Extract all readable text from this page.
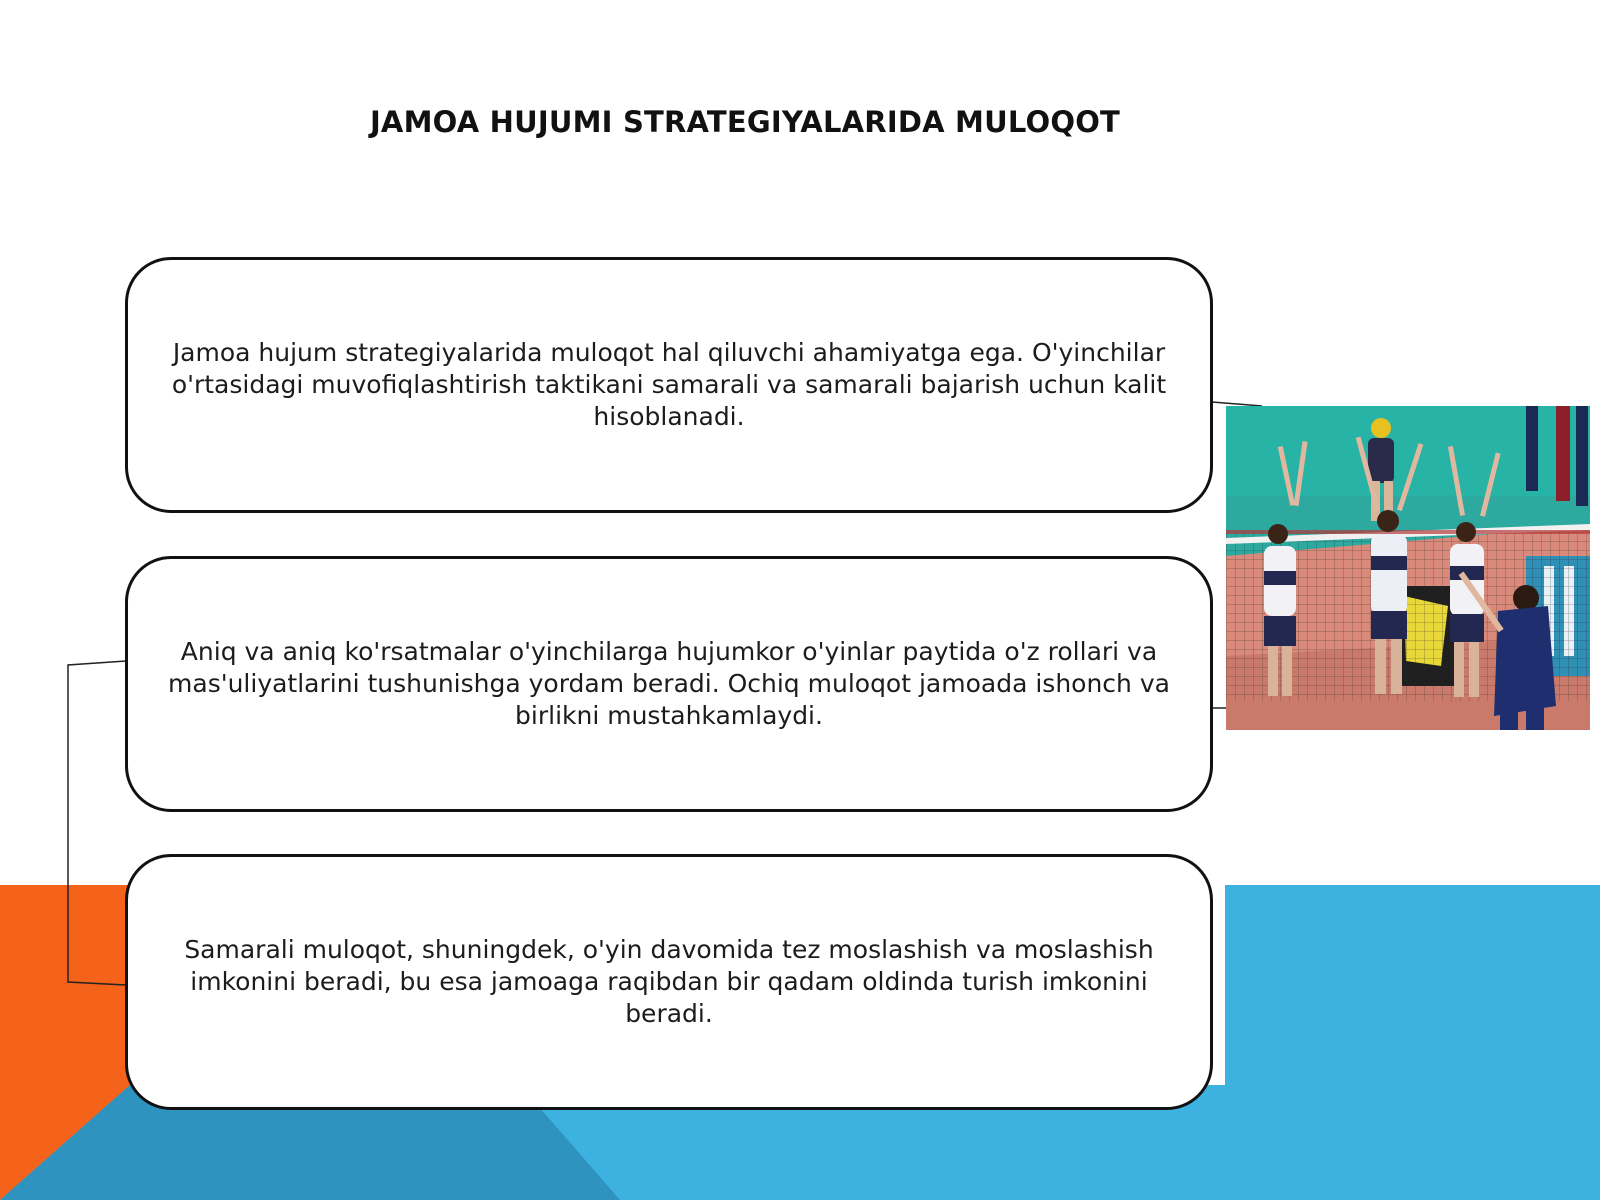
JAMOA HUJUMI STRATEGIYALARIDA MULOQOT
Jamoa hujum strategiyalarida muloqot hal qiluvchi ahamiyatga ega. O'yinchilar o'rtasidagi muvofiqlashtirish taktikani samarali va samarali bajarish uchun kalit hisoblanadi.
Aniq va aniq ko'rsatmalar o'yinchilarga hujumkor o'yinlar paytida o'z rollari va mas'uliyatlarini tushunishga yordam beradi. Ochiq muloqot jamoada ishonch va birlikni mustahkamlaydi.
Samarali muloqot, shuningdek, o'yin davomida tez moslashish va moslashish imkonini beradi, bu esa jamoaga raqibdan bir qadam oldinda turish imkonini beradi.
